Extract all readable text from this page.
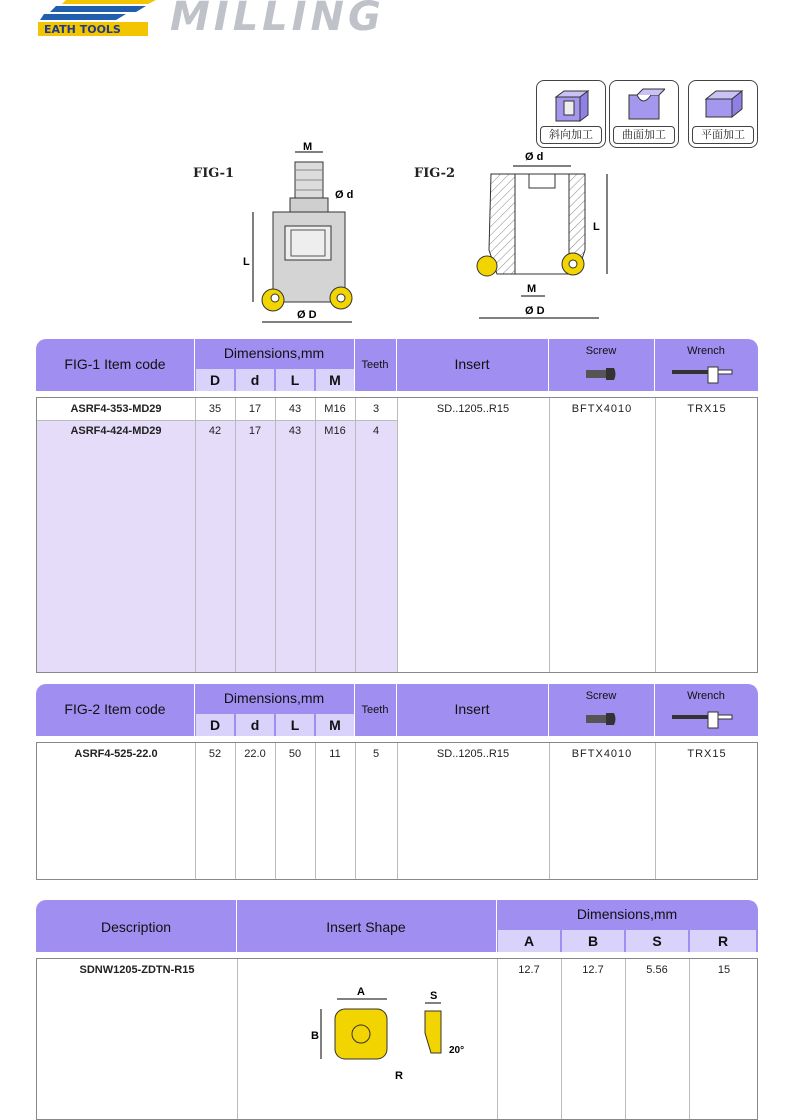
EATH TOOLS MILLING
斜向加工	曲面加工	平面加工
FIG-1
M
Ø d
L
Ø D
FIG-2
Ø d
L
M
Ø D
FIG-1 Item code
Dimensions,mm
D	d	L	M
Teeth	Insert
Screw	Wrench
ASRF4-353-MD29	35	17	43	M16	3	SD..1205..R15	BFTX4010	TRX15
ASRF4-424-MD29	42	17	43	M16	4
FIG-2 Item code
Dimensions,mm
D	d	L	M
Teeth	Insert
Screw	Wrench
ASRF4-525-22.0	52	22.0	50	11	5	SD..1205..R15	BFTX4010	TRX15
Description	Insert Shape
Dimensions,mm
A	B	S	R
SDNW1205-ZDTN-R15	12.7	12.7	5.56	15
A
B
R
S
20°
